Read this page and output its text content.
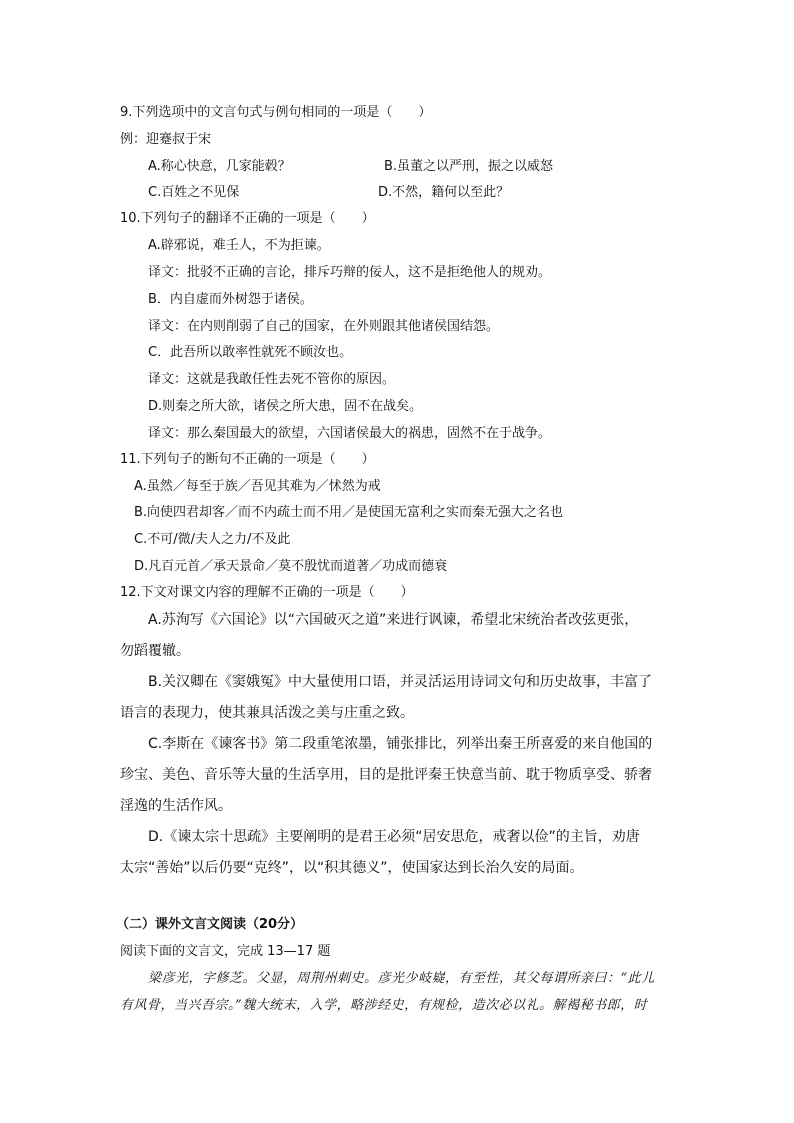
9.下列选项中的文言句式与例句相同的一项是（　　）
例：迎蹇叔于宋
A.称心快意，几家能毂？	B.虽董之以严刑，振之以威怒
C.百姓之不见保	D.不然，籍何以至此？
10.下列句子的翻译不正确的一项是（　　）
A.辟邪说，难壬人，不为拒谏。
译文：批驳不正确的言论，排斥巧辩的佞人，这不是拒绝他人的规劝。
B．内自虚而外树怨于诸侯。
译文：在内则削弱了自己的国家，在外则跟其他诸侯国结怨。
C．此吾所以敢率性就死不顾汝也。
译文：这就是我敢任性去死不管你的原因。
D.则秦之所大欲，诸侯之所大患，固不在战矣。
译文：那么秦国最大的欲望，六国诸侯最大的祸患，固然不在于战争。
11.下列句子的断句不正确的一项是（　　）
A.虽然／每至于族／吾见其难为／怵然为戒
B.向使四君却客／而不内疏士而不用／是使国无富利之实而秦无强大之名也
C.不可/微/夫人之力/不及此
D.凡百元首／承天景命／莫不殷忧而道著／功成而德衰
12.下文对课文内容的理解不正确的一项是（　　）
A.苏洵写《六国论》以“六国破灭之道”来进行讽谏，希望北宋统治者改弦更张，
勿蹈覆辙。
B.关汉卿在《窦娥冤》中大量使用口语，并灵活运用诗词文句和历史故事，丰富了
语言的表现力，使其兼具活泼之美与庄重之致。
C.李斯在《谏客书》第二段重笔浓墨，铺张排比，列举出秦王所喜爱的来自他国的
珍宝、美色、音乐等大量的生活享用，目的是批评秦王快意当前、耽于物质享受、骄奢
淫逸的生活作风。
D.《谏太宗十思疏》主要阐明的是君王必须“居安思危，戒奢以俭”的主旨，劝唐
太宗“善始”以后仍要“克终”，以“积其德义”，使国家达到长治久安的局面。
（二）课外文言文阅读（20分）
阅读下面的文言文，完成 13—17 题
梁彦光，字修芝。父显，周荆州刺史。彦光少岐嶷，有至性，其父每谓所亲曰：“此儿
有风骨，当兴吾宗。”魏大统末，入学，略涉经史，有规检，造次必以礼。解褐秘书郎，时
